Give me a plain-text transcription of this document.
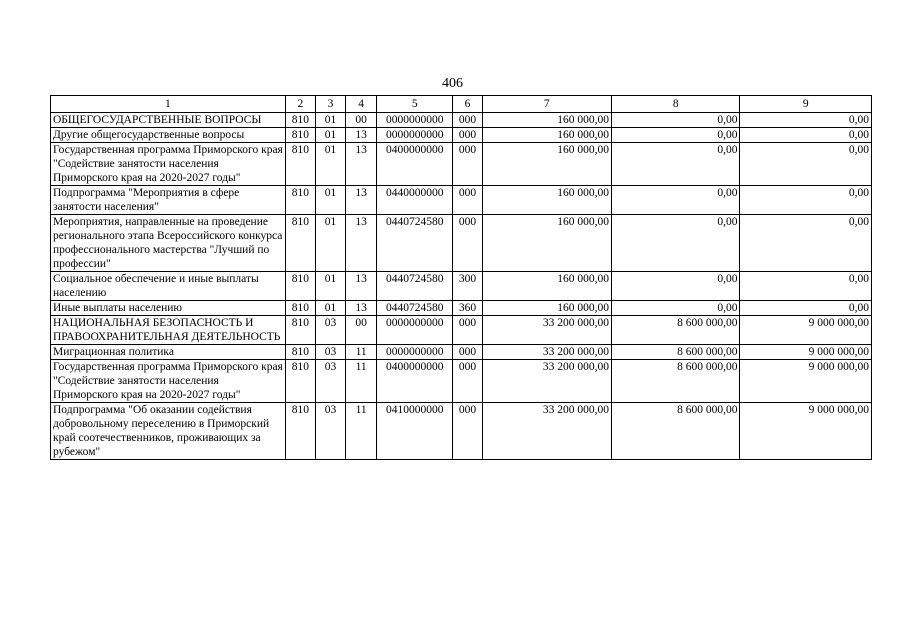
406
1	2	3	4	5	6	7	8	9
ОБЩЕГОСУДАРСТВЕННЫЕ ВОПРОСЫ	810	01	00	0000000000	000	160 000,00	0,00	0,00
Другие общегосударственные вопросы	810	01	13	0000000000	000	160 000,00	0,00	0,00
Государственная программа Приморского края "Содействие занятости населения Приморского края на 2020-2027 годы"	810	01	13	0400000000	000	160 000,00	0,00	0,00
Подпрограмма "Мероприятия в сфере занятости населения"	810	01	13	0440000000	000	160 000,00	0,00	0,00
Мероприятия, направленные на проведение регионального этапа Всероссийского конкурса профессионального мастерства "Лучший по профессии"	810	01	13	0440724580	000	160 000,00	0,00	0,00
Социальное обеспечение и иные выплаты населению	810	01	13	0440724580	300	160 000,00	0,00	0,00
Иные выплаты населению	810	01	13	0440724580	360	160 000,00	0,00	0,00
НАЦИОНАЛЬНАЯ БЕЗОПАСНОСТЬ И ПРАВООХРАНИТЕЛЬНАЯ ДЕЯТЕЛЬНОСТЬ	810	03	00	0000000000	000	33 200 000,00	8 600 000,00	9 000 000,00
Миграционная политика	810	03	11	0000000000	000	33 200 000,00	8 600 000,00	9 000 000,00
Государственная программа Приморского края "Содействие занятости населения Приморского края на 2020-2027 годы"	810	03	11	0400000000	000	33 200 000,00	8 600 000,00	9 000 000,00
Подпрограмма "Об оказании содействия добровольному переселению в Приморский край соотечественников, проживающих за рубежом"	810	03	11	0410000000	000	33 200 000,00	8 600 000,00	9 000 000,00
